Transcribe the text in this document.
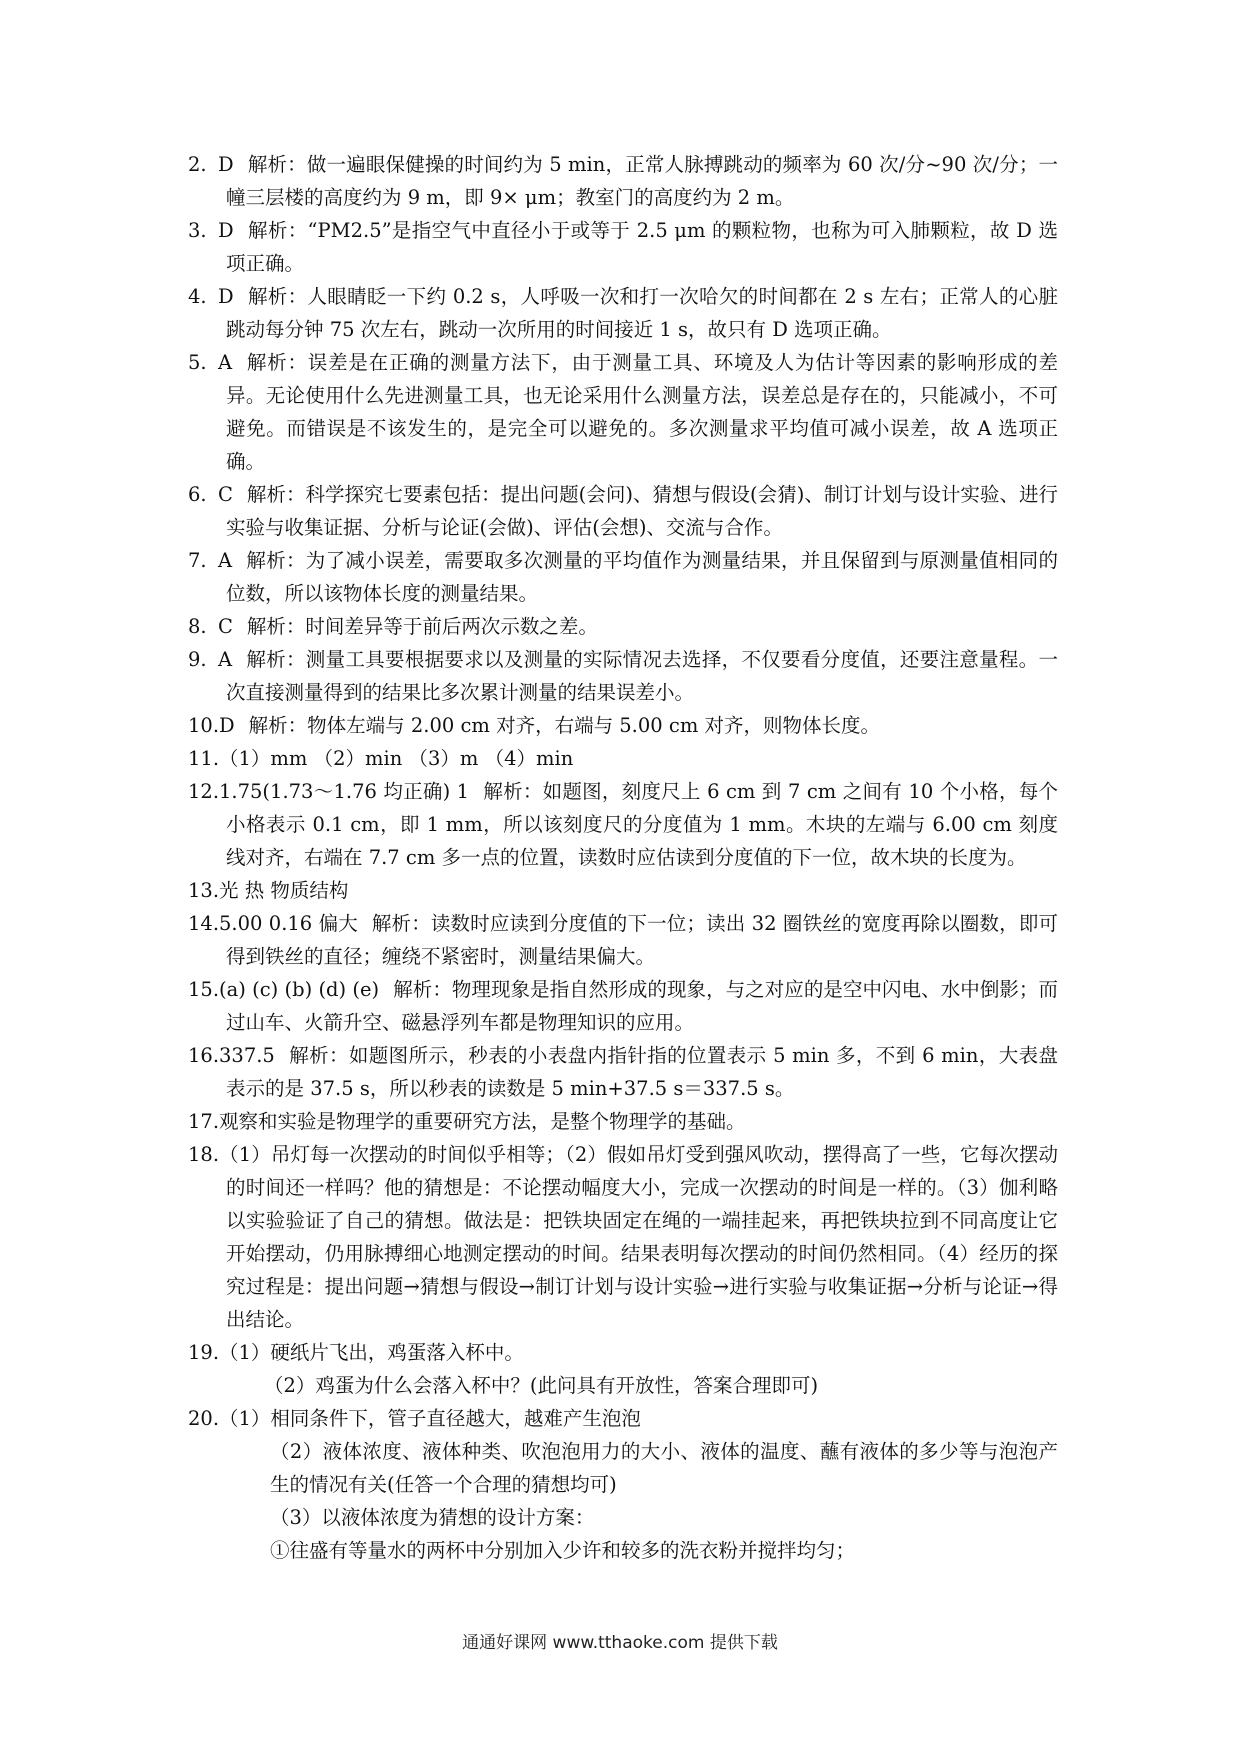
2. D 解析：做一遍眼保健操的时间约为 5 min，正常人脉搏跳动的频率为 60 次/分~90 次/分；一幢三层楼的高度约为 9 m，即 9× μm；教室门的高度约为 2 m。
3. D 解析：“PM2.5”是指空气中直径小于或等于 2.5 μm 的颗粒物，也称为可入肺颗粒，故 D 选项正确。
4. D 解析：人眼睛眨一下约 0.2 s，人呼吸一次和打一次哈欠的时间都在 2 s 左右；正常人的心脏跳动每分钟 75 次左右，跳动一次所用的时间接近 1 s，故只有 D 选项正确。
5. A 解析：误差是在正确的测量方法下，由于测量工具、环境及人为估计等因素的影响形成的差异。无论使用什么先进测量工具，也无论采用什么测量方法，误差总是存在的，只能减小，不可避免。而错误是不该发生的，是完全可以避免的。多次测量求平均值可减小误差，故 A 选项正确。
6. C 解析：科学探究七要素包括：提出问题(会问)、猜想与假设(会猜)、制订计划与设计实验、进行实验与收集证据、分析与论证(会做)、评估(会想)、交流与合作。
7. A 解析：为了减小误差，需要取多次测量的平均值作为测量结果，并且保留到与原测量值相同的位数，所以该物体长度的测量结果。
8. C 解析：时间差异等于前后两次示数之差。
9. A 解析：测量工具要根据要求以及测量的实际情况去选择，不仅要看分度值，还要注意量程。一次直接测量得到的结果比多次累计测量的结果误差小。
10.D 解析：物体左端与 2.00 cm 对齐，右端与 5.00 cm 对齐，则物体长度。
11.（1）mm （2）min （3）m （4）min
12.1.75(1.73～1.76 均正确) 1 解析：如题图，刻度尺上 6 cm 到 7 cm 之间有 10 个小格，每个小格表示 0.1 cm，即 1 mm，所以该刻度尺的分度值为 1 mm。木块的左端与 6.00 cm 刻度线对齐，右端在 7.7 cm 多一点的位置，读数时应估读到分度值的下一位，故木块的长度为。
13.光 热 物质结构
14.5.00 0.16 偏大 解析：读数时应读到分度值的下一位；读出 32 圈铁丝的宽度再除以圈数，即可得到铁丝的直径；缠绕不紧密时，测量结果偏大。
15.(a) (c) (b) (d) (e) 解析：物理现象是指自然形成的现象，与之对应的是空中闪电、水中倒影；而过山车、火箭升空、磁悬浮列车都是物理知识的应用。
16.337.5 解析：如题图所示，秒表的小表盘内指针指的位置表示 5 min 多，不到 6 min，大表盘表示的是 37.5 s，所以秒表的读数是 5 min+37.5 s＝337.5 s。
17.观察和实验是物理学的重要研究方法，是整个物理学的基础。
18.（1）吊灯每一次摆动的时间似乎相等；（2）假如吊灯受到强风吹动，摆得高了一些，它每次摆动的时间还一样吗？他的猜想是：不论摆动幅度大小，完成一次摆动的时间是一样的。（3）伽利略以实验验证了自己的猜想。做法是：把铁块固定在绳的一端挂起来，再把铁块拉到不同高度让它开始摆动，仍用脉搏细心地测定摆动的时间。结果表明每次摆动的时间仍然相同。（4）经历的探究过程是：提出问题→猜想与假设→制订计划与设计实验→进行实验与收集证据→分析与论证→得出结论。
19.（1）硬纸片飞出，鸡蛋落入杯中。
（2）鸡蛋为什么会落入杯中？(此问具有开放性，答案合理即可)
20.（1）相同条件下，管子直径越大，越难产生泡泡
（2）液体浓度、液体种类、吹泡泡用力的大小、液体的温度、蘸有液体的多少等与泡泡产生的情况有关(任答一个合理的猜想均可)
（3）以液体浓度为猜想的设计方案：
①往盛有等量水的两杯中分别加入少许和较多的洗衣粉并搅拌均匀；
通通好课网 www.tthaoke.com 提供下载
